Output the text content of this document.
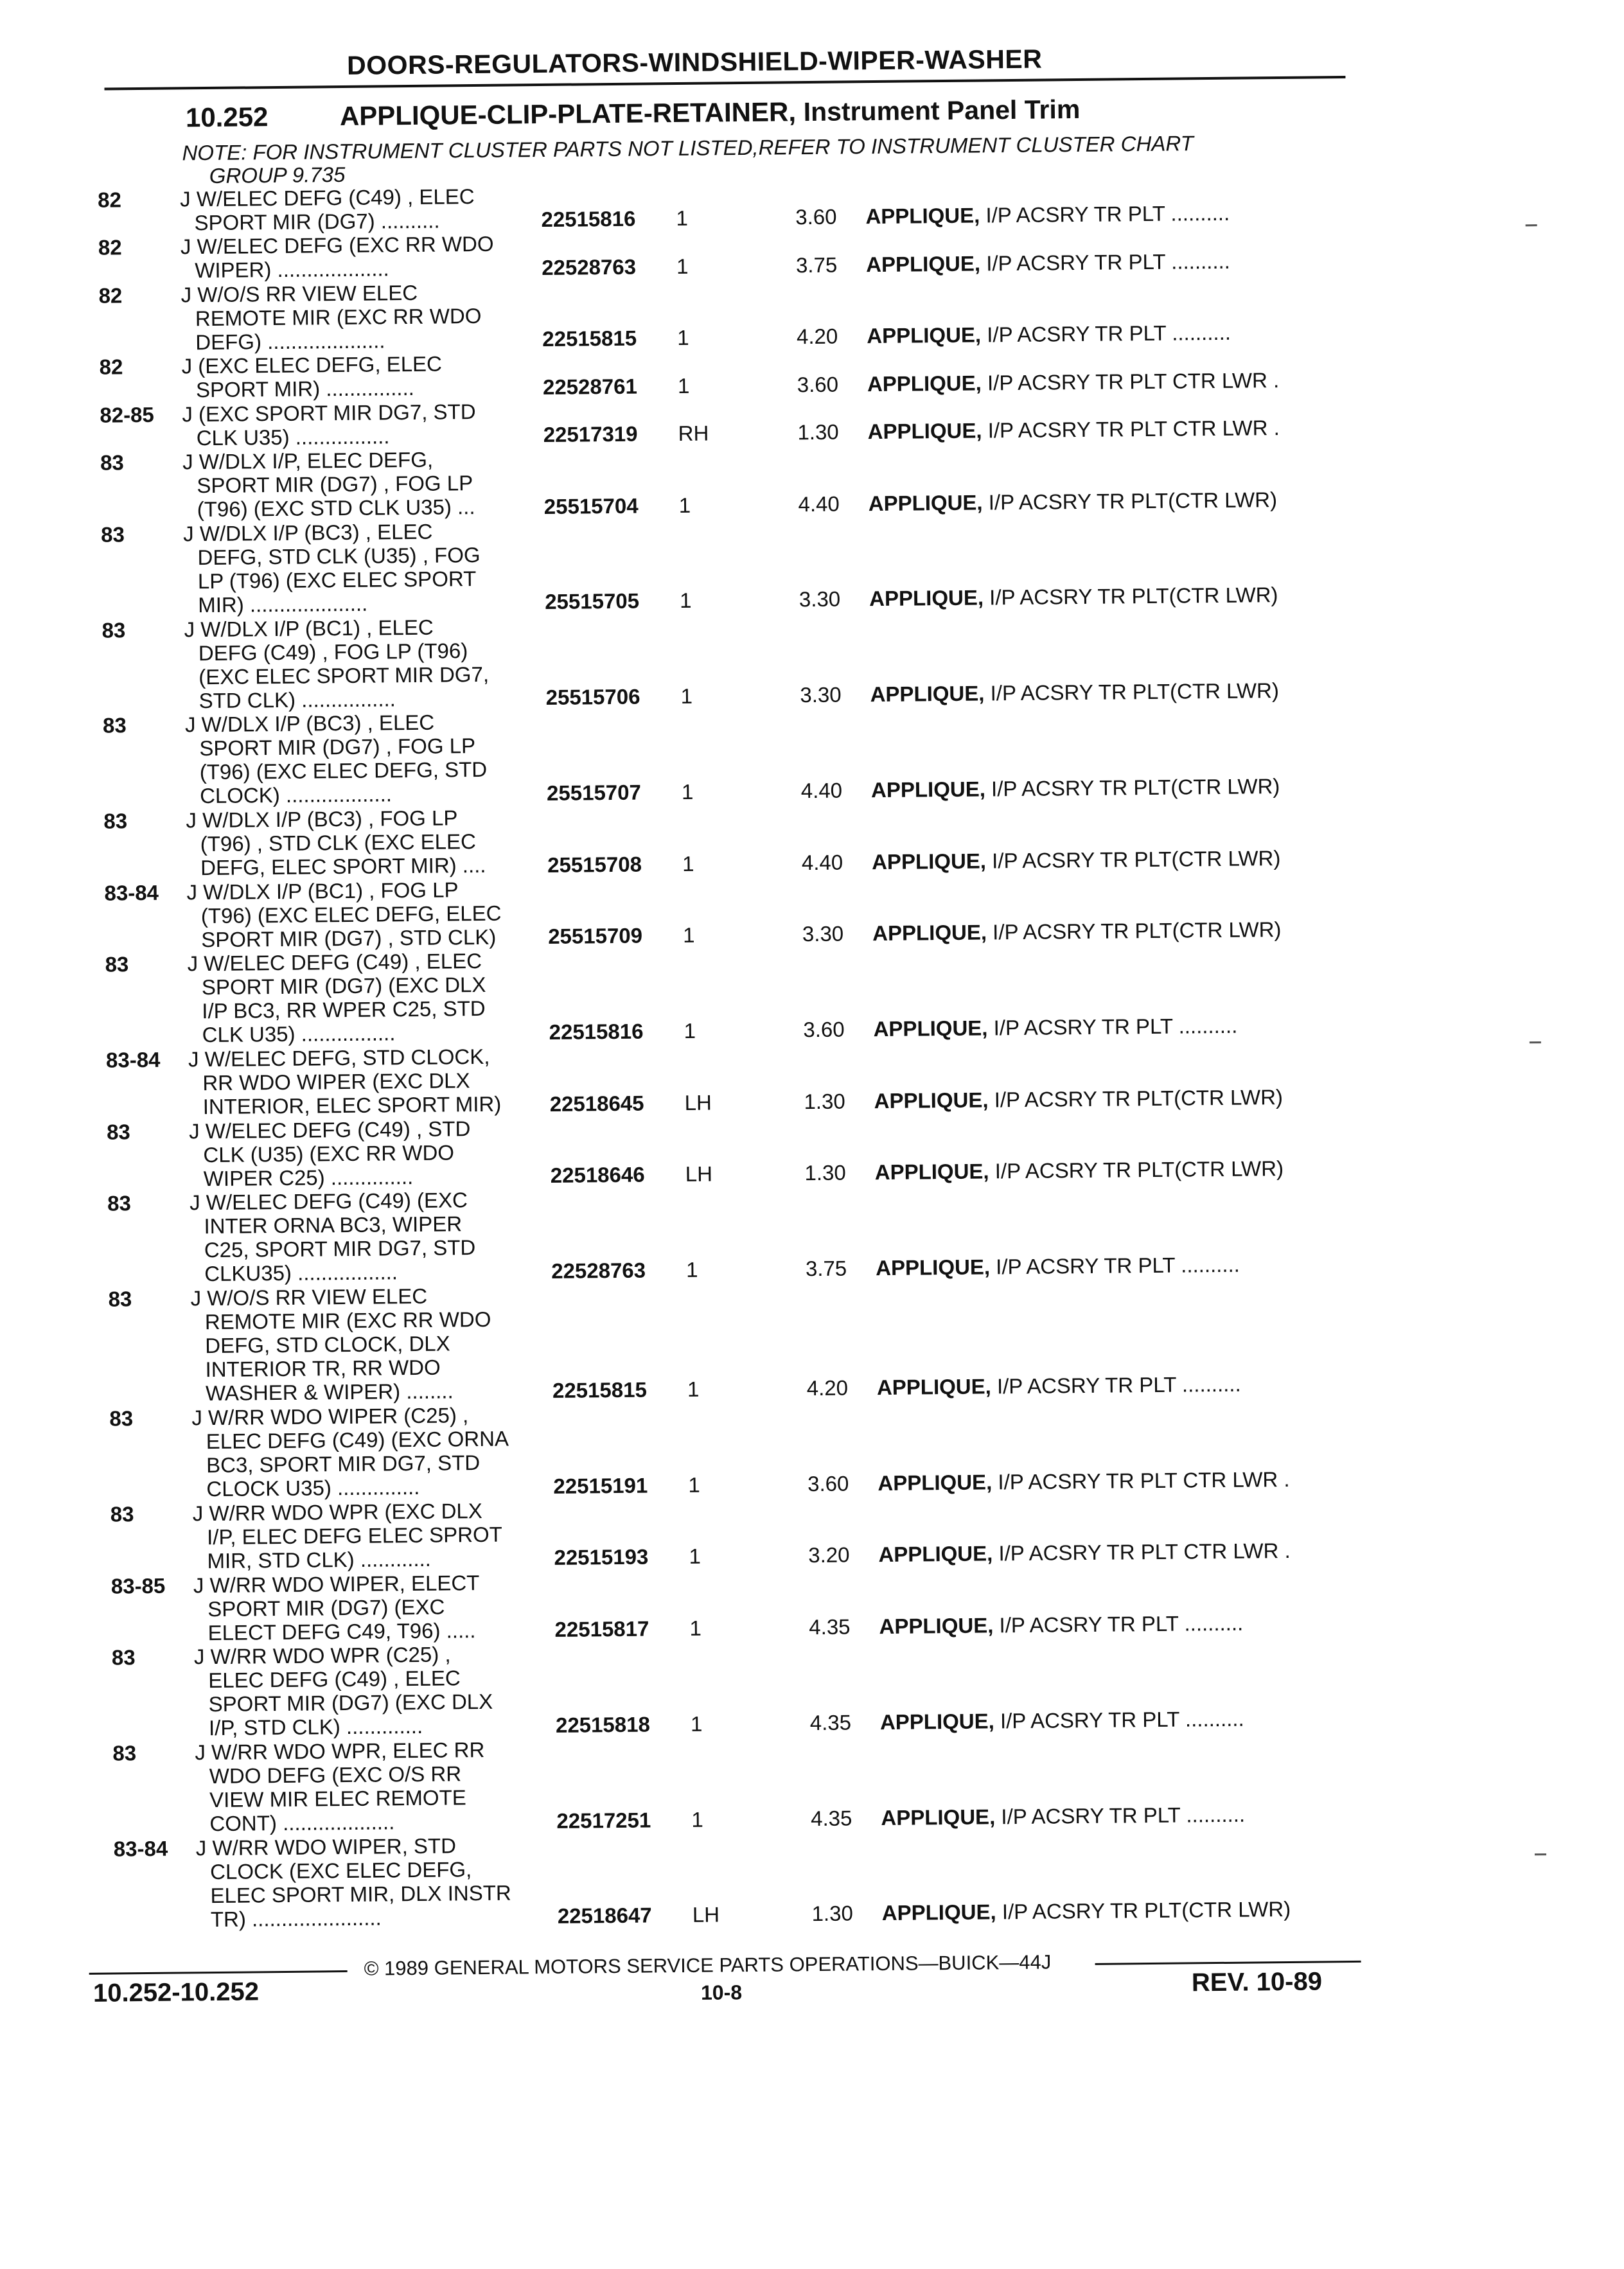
DOORS-REGULATORS-WINDSHIELD-WIPER-WASHER
10.252	APPLIQUE-CLIP-PLATE-RETAINER, Instrument Panel Trim
NOTE: FOR INSTRUMENT CLUSTER PARTS NOT LISTED,REFER TO INSTRUMENT CLUSTER CHART
GROUP 9.735
82	J W/ELEC DEFG (C49) , ELEC
SPORT MIR (DG7) ..........	22515816 1	3.60 APPLIQUE, I/P ACSRY TR PLT ..........
82	J W/ELEC DEFG (EXC RR WDO
WIPER) ...................	22528763 1	3.75 APPLIQUE, I/P ACSRY TR PLT ..........
82	J W/O/S RR VIEW ELEC
REMOTE MIR (EXC RR WDO
DEFG) ....................	22515815 1	4.20 APPLIQUE, I/P ACSRY TR PLT ..........
82	J (EXC ELEC DEFG, ELEC
SPORT MIR) ...............	22528761 1	3.60 APPLIQUE, I/P ACSRY TR PLT CTR LWR .
82-85	J (EXC SPORT MIR DG7, STD
CLK U35) ................	22517319 RH	1.30 APPLIQUE, I/P ACSRY TR PLT CTR LWR .
83	J W/DLX I/P, ELEC DEFG,
SPORT MIR (DG7) , FOG LP
(T96) (EXC STD CLK U35) ...	25515704 1	4.40 APPLIQUE, I/P ACSRY TR PLT(CTR LWR)
83	J W/DLX I/P (BC3) , ELEC
DEFG, STD CLK (U35) , FOG
LP (T96) (EXC ELEC SPORT
MIR) ....................	25515705 1	3.30 APPLIQUE, I/P ACSRY TR PLT(CTR LWR)
83	J W/DLX I/P (BC1) , ELEC
DEFG (C49) , FOG LP (T96)
(EXC ELEC SPORT MIR DG7,
STD CLK) ................	25515706 1	3.30 APPLIQUE, I/P ACSRY TR PLT(CTR LWR)
83	J W/DLX I/P (BC3) , ELEC
SPORT MIR (DG7) , FOG LP
(T96) (EXC ELEC DEFG, STD
CLOCK) ..................	25515707 1	4.40 APPLIQUE, I/P ACSRY TR PLT(CTR LWR)
83	J W/DLX I/P (BC3) , FOG LP
(T96) , STD CLK (EXC ELEC
DEFG, ELEC SPORT MIR) ....	25515708 1	4.40 APPLIQUE, I/P ACSRY TR PLT(CTR LWR)
83-84	J W/DLX I/P (BC1) , FOG LP
(T96) (EXC ELEC DEFG, ELEC
SPORT MIR (DG7) , STD CLK) 25515709 1	3.30 APPLIQUE, I/P ACSRY TR PLT(CTR LWR)
83	J W/ELEC DEFG (C49) , ELEC
SPORT MIR (DG7) (EXC DLX
I/P BC3, RR WPER C25, STD
CLK U35) ................	22515816 1	3.60 APPLIQUE, I/P ACSRY TR PLT ..........
83-84	J W/ELEC DEFG, STD CLOCK,
RR WDO WIPER (EXC DLX
INTERIOR, ELEC SPORT MIR) 22518645 LH	1.30 APPLIQUE, I/P ACSRY TR PLT(CTR LWR)
83	J W/ELEC DEFG (C49) , STD
CLK (U35) (EXC RR WDO
WIPER C25) ..............	22518646 LH	1.30 APPLIQUE, I/P ACSRY TR PLT(CTR LWR)
83	J W/ELEC DEFG (C49) (EXC
INTER ORNA BC3, WIPER
C25, SPORT MIR DG7, STD
CLKU35) .................	22528763 1	3.75 APPLIQUE, I/P ACSRY TR PLT ..........
83	J W/O/S RR VIEW ELEC
REMOTE MIR (EXC RR WDO
DEFG, STD CLOCK, DLX
INTERIOR TR, RR WDO
WASHER & WIPER) ........	22515815 1	4.20 APPLIQUE, I/P ACSRY TR PLT ..........
83	J W/RR WDO WIPER (C25) ,
ELEC DEFG (C49) (EXC ORNA
BC3, SPORT MIR DG7, STD
CLOCK U35) ..............	22515191 1	3.60 APPLIQUE, I/P ACSRY TR PLT CTR LWR .
83	J W/RR WDO WPR (EXC DLX
I/P, ELEC DEFG ELEC SPROT
MIR, STD CLK) ............	22515193 1	3.20 APPLIQUE, I/P ACSRY TR PLT CTR LWR .
83-85	J W/RR WDO WIPER, ELECT
SPORT MIR (DG7) (EXC
ELECT DEFG C49, T96) .....	22515817 1	4.35 APPLIQUE, I/P ACSRY TR PLT ..........
83	J W/RR WDO WPR (C25) ,
ELEC DEFG (C49) , ELEC
SPORT MIR (DG7) (EXC DLX
I/P, STD CLK) .............	22515818 1	4.35 APPLIQUE, I/P ACSRY TR PLT ..........
83	J W/RR WDO WPR, ELEC RR
WDO DEFG (EXC O/S RR
VIEW MIR ELEC REMOTE
CONT) ...................	22517251 1	4.35 APPLIQUE, I/P ACSRY TR PLT ..........
83-84	J W/RR WDO WIPER, STD
CLOCK (EXC ELEC DEFG,
ELEC SPORT MIR, DLX INSTR
TR) ......................	22518647 LH	1.30 APPLIQUE, I/P ACSRY TR PLT(CTR LWR)
© 1989 GENERAL MOTORS SERVICE PARTS OPERATIONS—BUICK—44J
10.252-10.252	10-8	REV. 10-89
